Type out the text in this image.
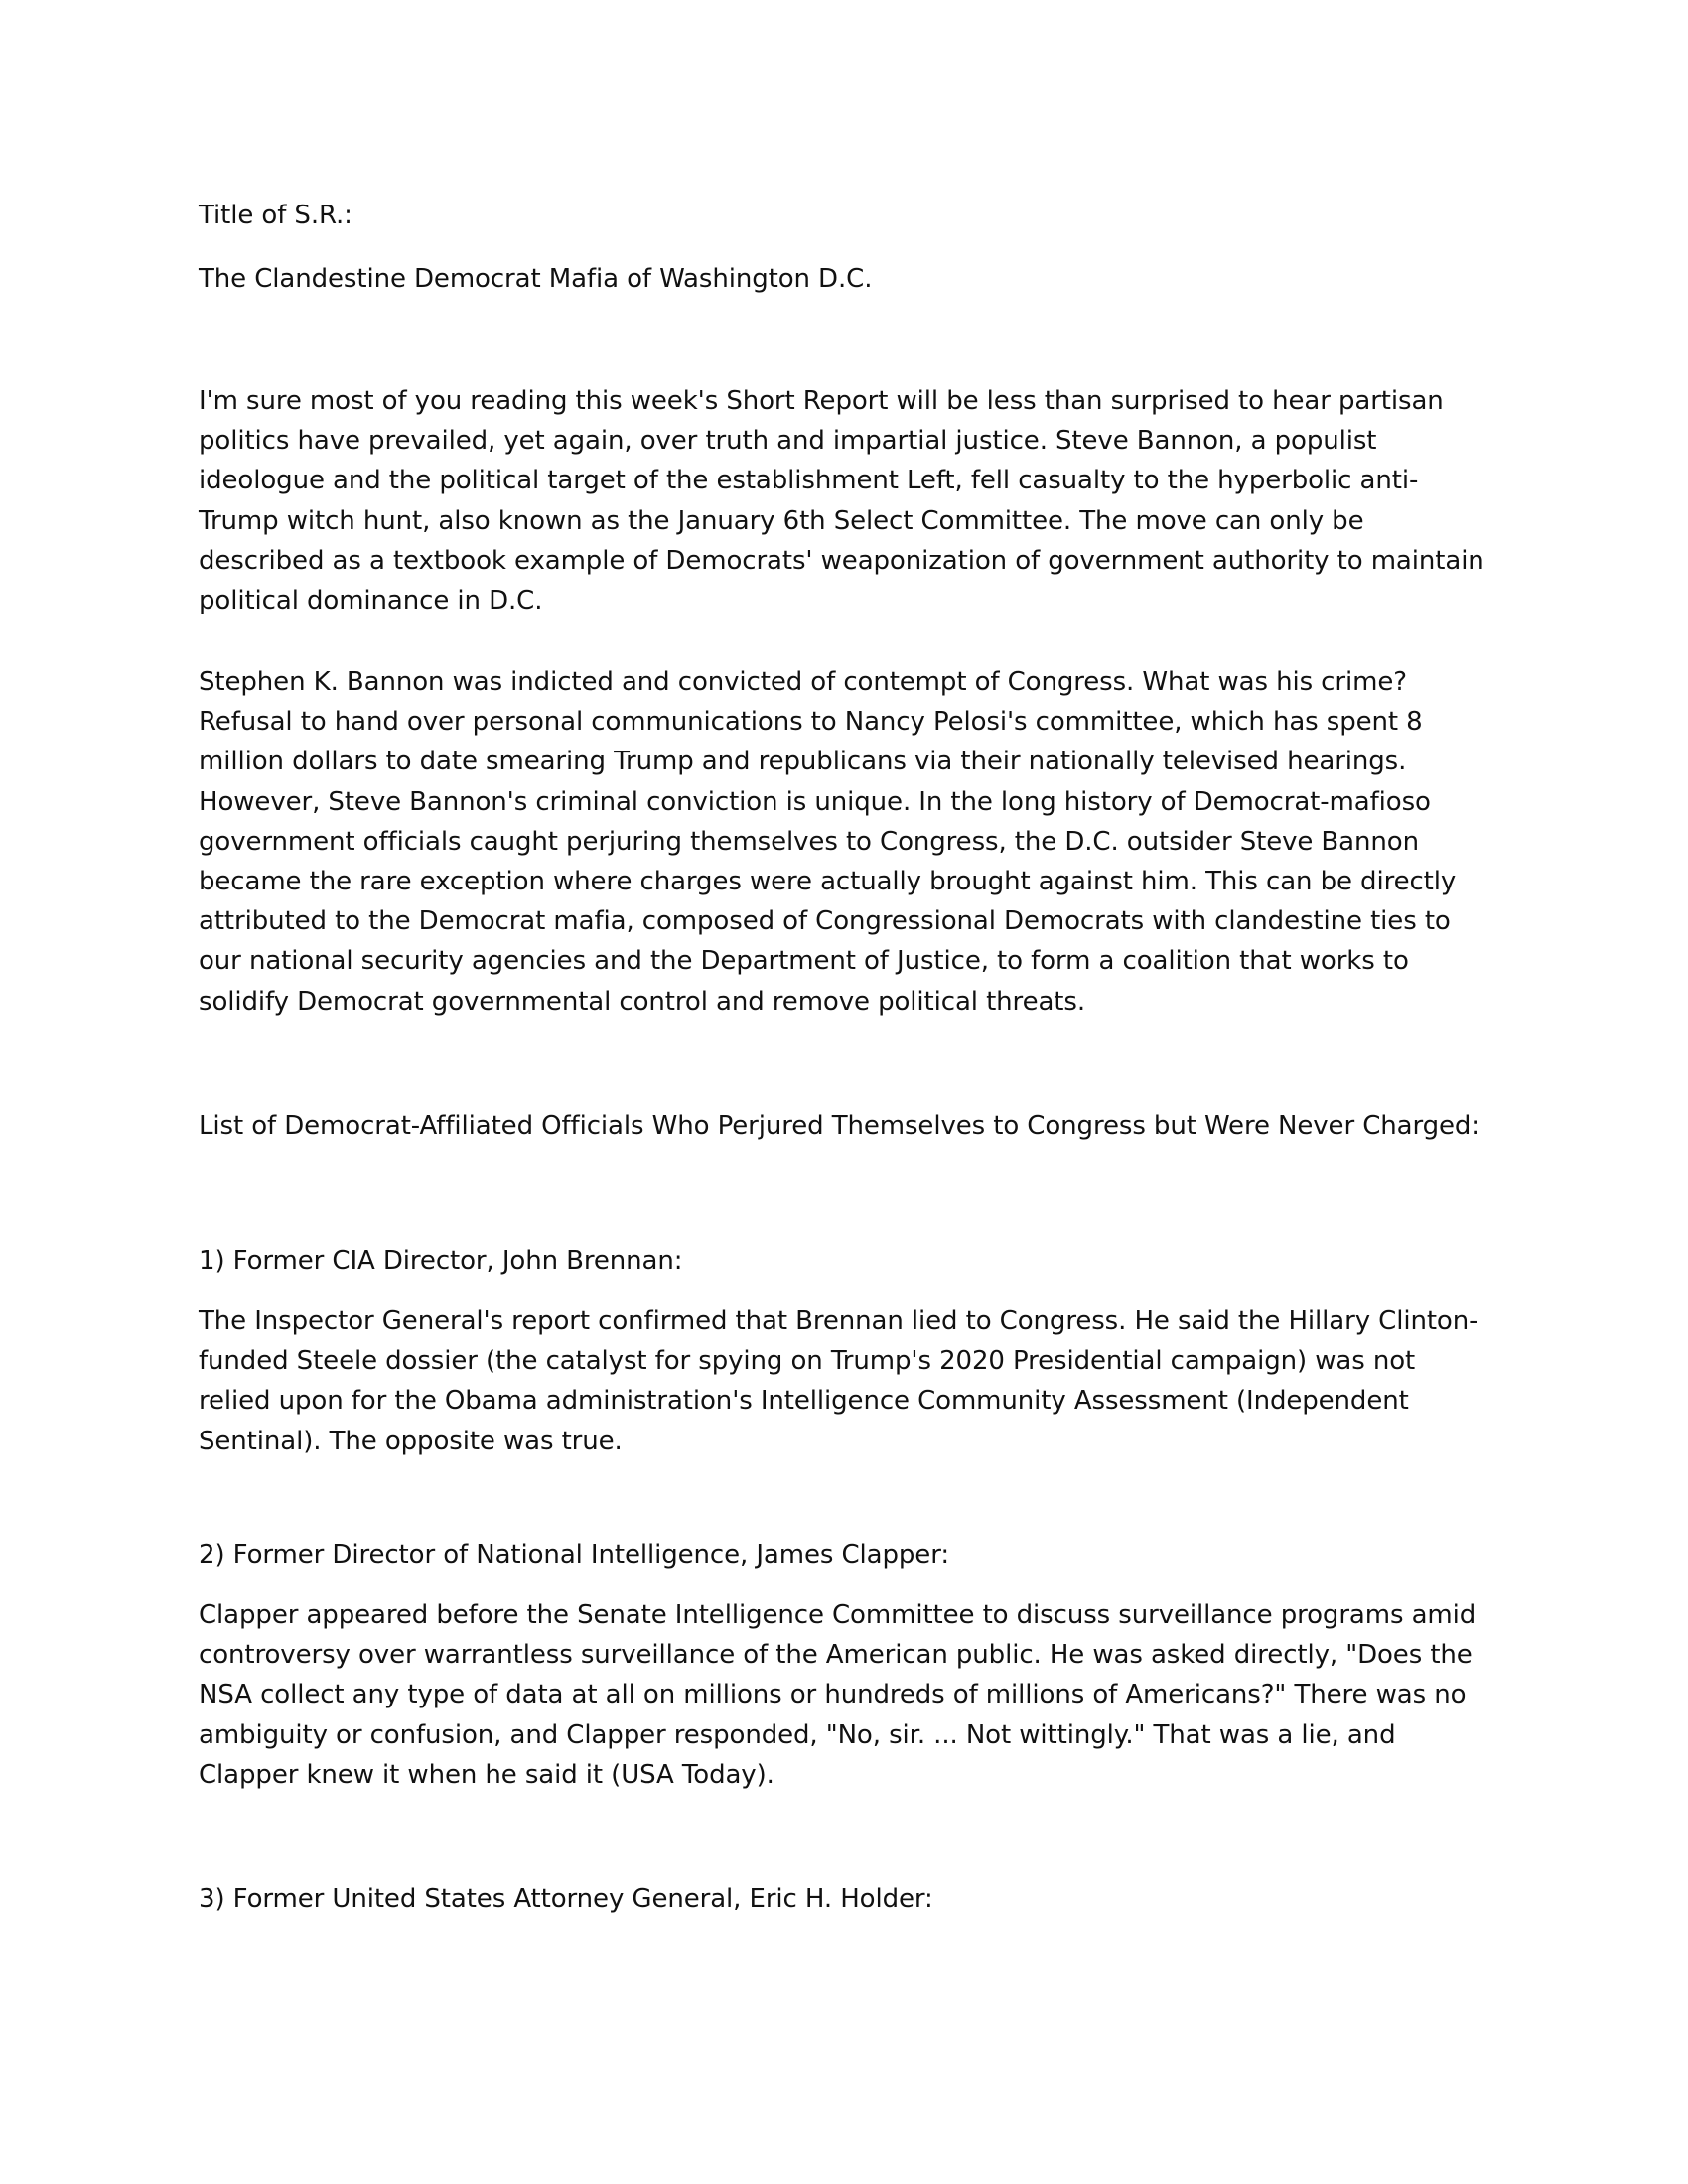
Title of S.R.:

The Clandestine Democrat Mafia of Washington D.C.

I'm sure most of you reading this week's Short Report will be less than surprised to hear partisan politics have prevailed, yet again, over truth and impartial justice. Steve Bannon, a populist ideologue and the political target of the establishment Left, fell casualty to the hyperbolic anti-Trump witch hunt, also known as the January 6th Select Committee. The move can only be described as a textbook example of Democrats' weaponization of government authority to maintain political dominance in D.C.

Stephen K. Bannon was indicted and convicted of contempt of Congress. What was his crime? Refusal to hand over personal communications to Nancy Pelosi's committee, which has spent 8 million dollars to date smearing Trump and republicans via their nationally televised hearings. However, Steve Bannon's criminal conviction is unique. In the long history of Democrat-mafioso government officials caught perjuring themselves to Congress, the D.C. outsider Steve Bannon became the rare exception where charges were actually brought against him. This can be directly attributed to the Democrat mafia, composed of Congressional Democrats with clandestine ties to our national security agencies and the Department of Justice, to form a coalition that works to solidify Democrat governmental control and remove political threats.

List of Democrat-Affiliated Officials Who Perjured Themselves to Congress but Were Never Charged:

1) Former CIA Director, John Brennan:

The Inspector General's report confirmed that Brennan lied to Congress. He said the Hillary Clinton-funded Steele dossier (the catalyst for spying on Trump's 2020 Presidential campaign) was not relied upon for the Obama administration's Intelligence Community Assessment (Independent Sentinal). The opposite was true.

2) Former Director of National Intelligence, James Clapper:

Clapper appeared before the Senate Intelligence Committee to discuss surveillance programs amid controversy over warrantless surveillance of the American public. He was asked directly, "Does the NSA collect any type of data at all on millions or hundreds of millions of Americans?" There was no ambiguity or confusion, and Clapper responded, "No, sir. ... Not wittingly." That was a lie, and Clapper knew it when he said it (USA Today).

3) Former United States Attorney General, Eric H. Holder:
